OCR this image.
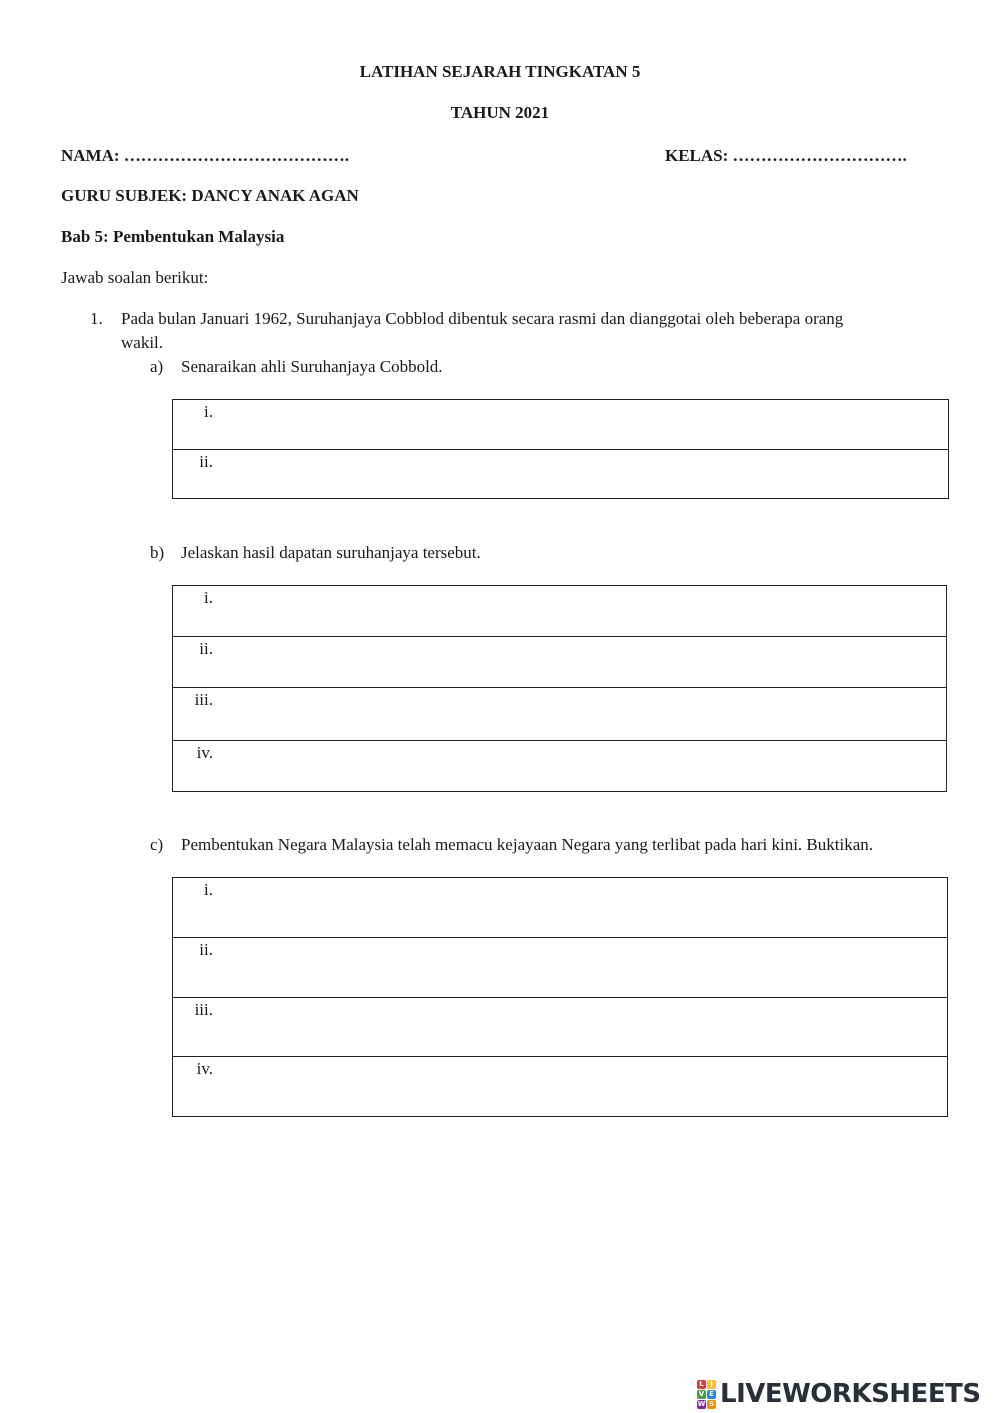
LATIHAN SEJARAH TINGKATAN 5
TAHUN 2021
NAMA: ………………………………….	KELAS: ………………………….
GURU SUBJEK: DANCY ANAK AGAN
Bab 5: Pembentukan Malaysia
Jawab soalan berikut:
1. Pada bulan Januari 1962, Suruhanjaya Cobblod dibentuk secara rasmi dan dianggotai oleh beberapa orang
wakil.
a) Senaraikan ahli Suruhanjaya Cobbold.
i.
ii.
b) Jelaskan hasil dapatan suruhanjaya tersebut.
i.
ii.
iii.
iv.
c) Pembentukan Negara Malaysia telah memacu kejayaan Negara yang terlibat pada hari kini. Buktikan.
i.
ii.
iii.
iv.
L I
V E
W S LIVEWORKSHEETS
